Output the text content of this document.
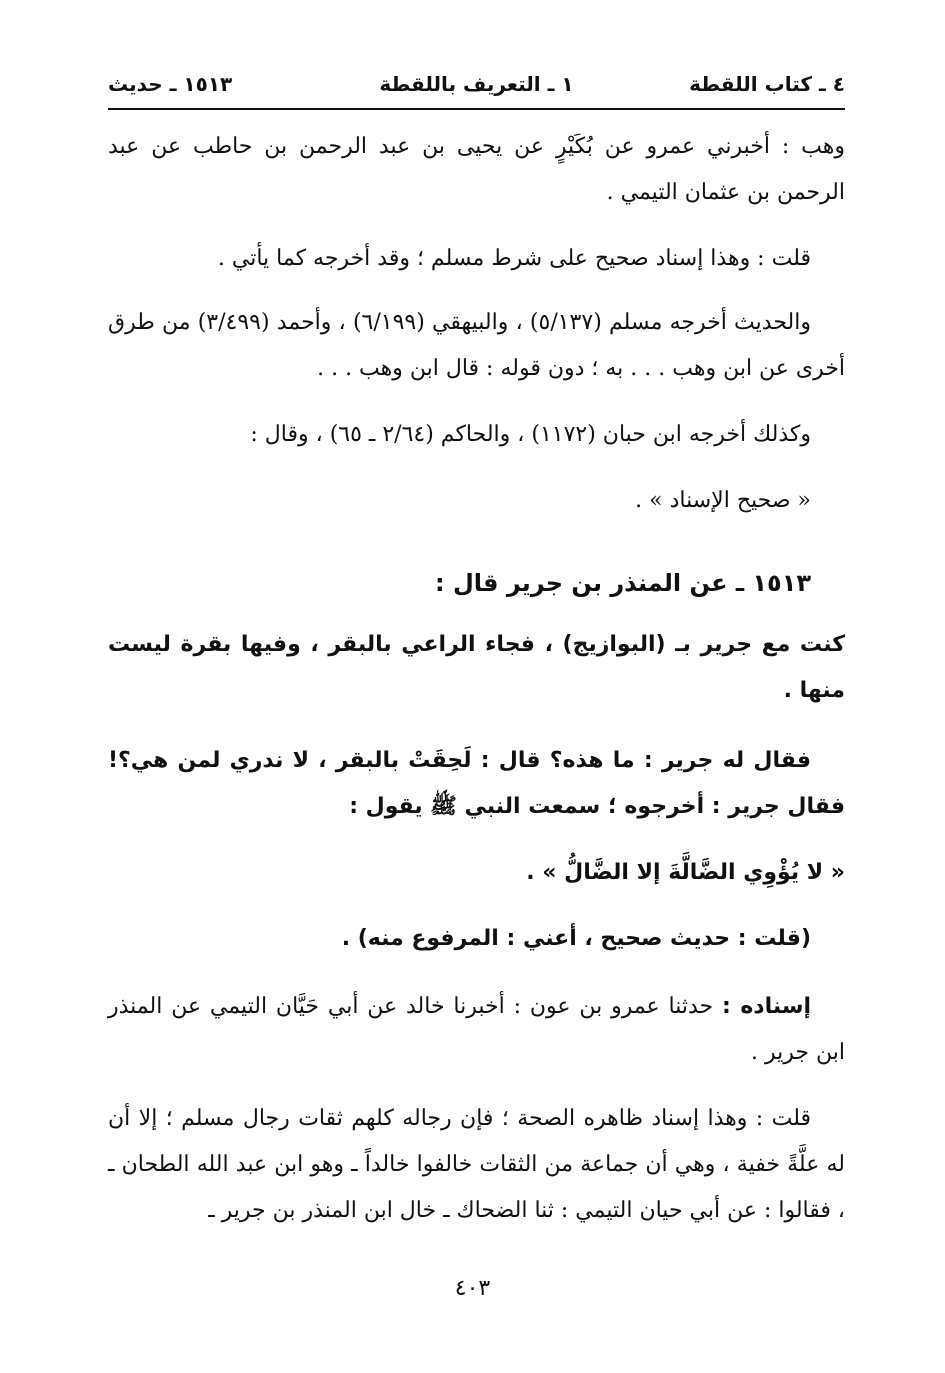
٤ ـ كتاب اللقطة
١ ـ التعريف باللقطة
١٥١٣ ـ حديث

وهب : أخبرني عمرو عن بُكَيْرٍ عن يحيى بن عبد الرحمن بن حاطب عن عبد الرحمن بن عثمان التيمي .

قلت : وهذا إسناد صحيح على شرط مسلم ؛ وقد أخرجه كما يأتي .

والحديث أخرجه مسلم (٥/١٣٧) ، والبيهقي (٦/١٩٩) ، وأحمد (٣/٤٩٩) من طرق أخرى عن ابن وهب . . . به ؛ دون قوله : قال ابن وهب . . .

وكذلك أخرجه ابن حبان (١١٧٢) ، والحاكم (٢/٦٤ ـ ٦٥) ، وقال :

« صحيح الإسناد » .

١٥١٣ ـ عن المنذر بن جرير قال :

كنت مع جرير بـ (البوازيج) ، فجاء الراعي بالبقر ، وفيها بقرة ليست منها .

فقال له جرير : ما هذه؟ قال : لَحِقَتْ بالبقر ، لا ندري لمن هي؟! فقال جرير : أخرجوه ؛ سمعت النبي ﷺ يقول :

« لا يُؤْوِي الضَّالَّةَ إلا الضَّالُّ » .

(قلت : حديث صحيح ، أعني : المرفوع منه) .

إسناده : حدثنا عمرو بن عون : أخبرنا خالد عن أبي حَيَّان التيمي عن المنذر ابن جرير .

قلت : وهذا إسناد ظاهره الصحة ؛ فإن رجاله كلهم ثقات رجال مسلم ؛ إلا أن له علَّةً خفية ، وهي أن جماعة من الثقات خالفوا خالداً ـ وهو ابن عبد الله الطحان ـ ، فقالوا : عن أبي حيان التيمي : ثنا الضحاك ـ خال ابن المنذر بن جرير ـ

٤٠٣
